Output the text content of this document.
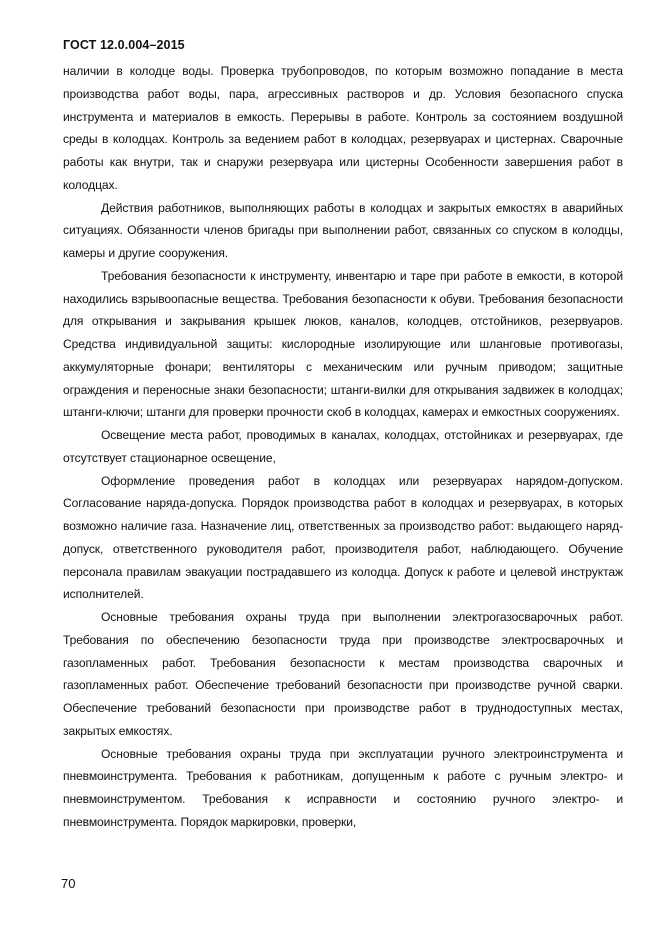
ГОСТ 12.0.004–2015

наличии в колодце воды. Проверка трубопроводов, по которым возможно попадание в места производства работ воды, пара, агрессивных растворов и др. Условия безопасного спуска инструмента и материалов в емкость. Перерывы в работе. Контроль за состоянием воздушной среды в колодцах. Контроль за ведением работ в колодцах, резервуарах и цистернах. Сварочные работы как внутри, так и снаружи резервуара или цистерны Особенности завершения работ в колодцах.

Действия работников, выполняющих работы в колодцах и закрытых емкостях в аварийных ситуациях. Обязанности членов бригады при выполнении работ, связанных со спуском в колодцы, камеры и другие сооружения.

Требования безопасности к инструменту, инвентарю и таре при работе в емкости, в которой находились взрывоопасные вещества. Требования безопасности к обуви. Требования безопасности для открывания и закрывания крышек люков, каналов, колодцев, отстойников, резервуаров. Средства индивидуальной защиты: кислородные изолирующие или шланговые противогазы, аккумуляторные фонари; вентиляторы с механическим или ручным приводом; защитные ограждения и переносные знаки безопасности; штанги-вилки для открывания задвижек в колодцах; штанги-ключи; штанги для проверки прочности скоб в колодцах, камерах и емкостных сооружениях.

Освещение места работ, проводимых в каналах, колодцах, отстойниках и резервуарах, где отсутствует стационарное освещение,

Оформление проведения работ в колодцах или резервуарах нарядом-допуском. Согласование наряда-допуска. Порядок производства работ в колодцах и резервуарах, в которых возможно наличие газа. Назначение лиц, ответственных за производство работ: выдающего наряд-допуск, ответственного руководителя работ, производителя работ, наблюдающего. Обучение персонала правилам эвакуации пострадавшего из колодца. Допуск к работе и целевой инструктаж исполнителей.

Основные требования охраны труда при выполнении электрогазосварочных работ. Требования по обеспечению безопасности труда при производстве электросварочных и газопламенных работ. Требования безопасности к местам производства сварочных и газопламенных работ. Обеспечение требований безопасности при производстве ручной сварки. Обеспечение требований безопасности при производстве работ в труднодоступных местах, закрытых емкостях.

Основные требования охраны труда при эксплуатации ручного электроинструмента и пневмоинструмента. Требования к работникам, допущенным к работе с ручным электро- и пневмоинструментом. Требования к исправности и состоянию ручного электро- и пневмоинструмента. Порядок маркировки, проверки,

70
